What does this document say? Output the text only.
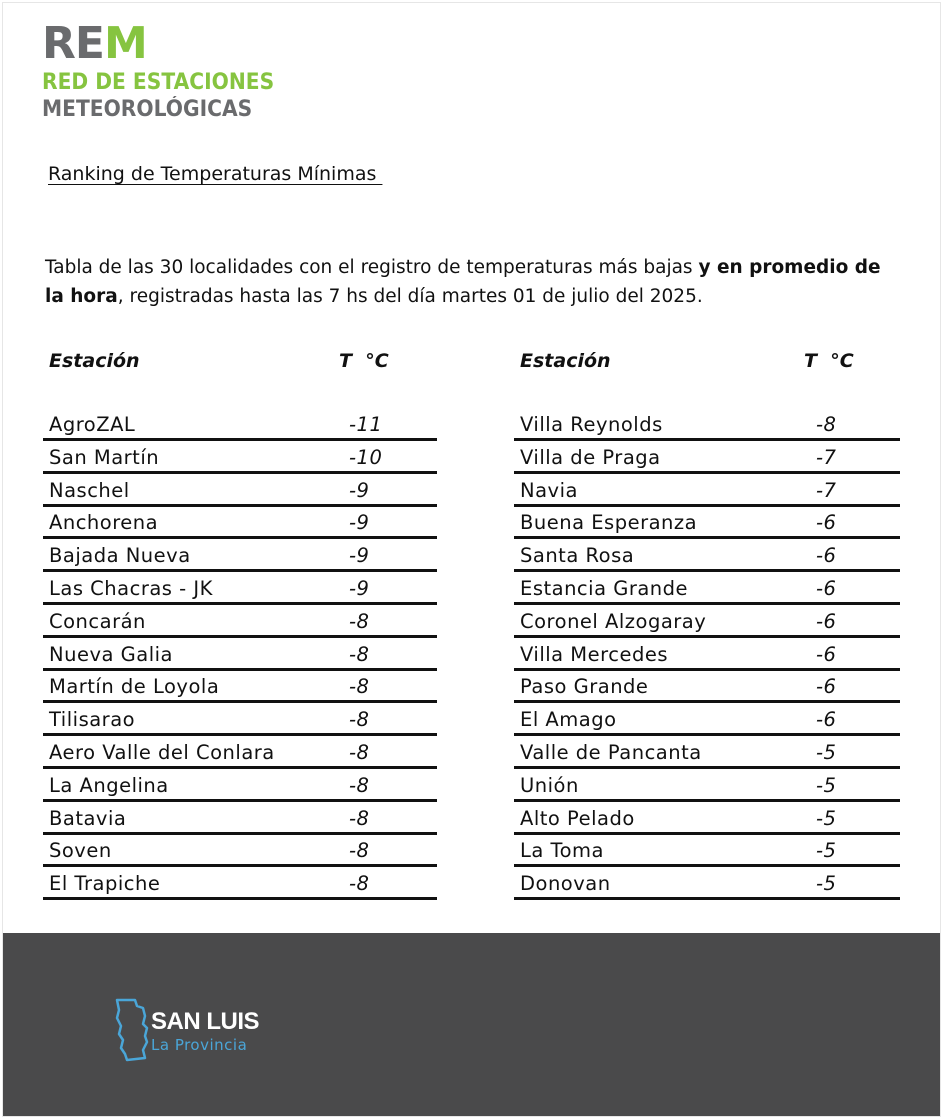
REM
RED DE ESTACIONES
METEOROLÓGICAS
Ranking de Temperaturas Mínimas

Tabla de las 30 localidades con el registro de temperaturas más bajas y en promedio de la hora, registradas hasta las 7 hs del día martes 01 de julio del 2025.

Estación	T  °C
AgroZAL	-11
San Martín	-10
Naschel	-9
Anchorena	-9
Bajada Nueva	-9
Las Chacras - JK	-9
Concarán	-8
Nueva Galia	-8
Martín de Loyola	-8
Tilisarao	-8
Aero Valle del Conlara	-8
La Angelina	-8
Batavia	-8
Soven	-8
El Trapiche	-8
Estación	T  °C
Villa Reynolds	-8
Villa de Praga	-7
Navia	-7
Buena Esperanza	-6
Santa Rosa	-6
Estancia Grande	-6
Coronel Alzogaray	-6
Villa Mercedes	-6
Paso Grande	-6
El Amago	-6
Valle de Pancanta	-5
Unión	-5
Alto Pelado	-5
La Toma	-5
Donovan	-5
SAN LUIS
La Provincia
